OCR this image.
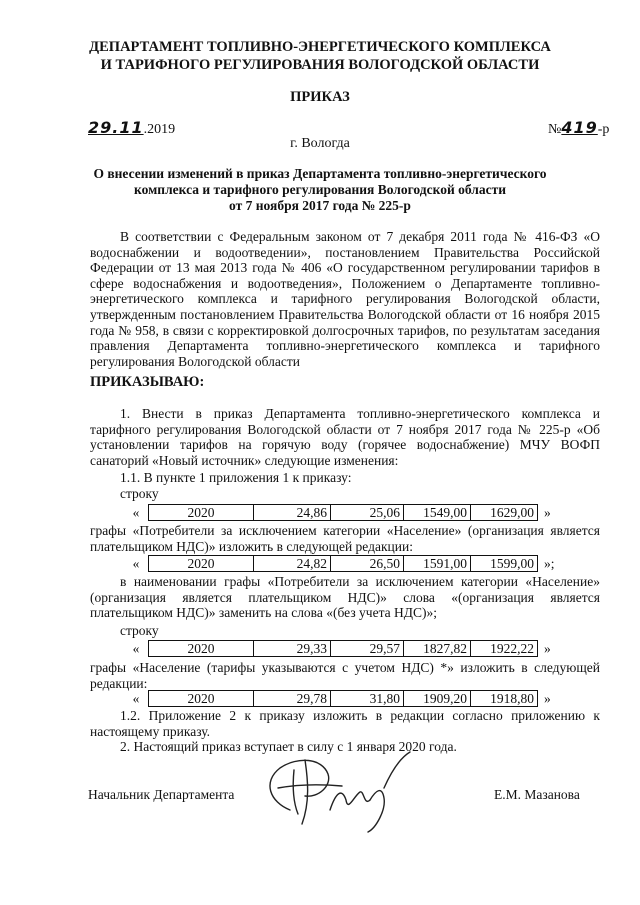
ДЕПАРТАМЕНТ ТОПЛИВНО-ЭНЕРГЕТИЧЕСКОГО КОМПЛЕКСА
И ТАРИФНОГО РЕГУЛИРОВАНИЯ ВОЛОГОДСКОЙ ОБЛАСТИ
ПРИКАЗ
29.11.2019	№419-р
г. Вологда
О внесении изменений в приказ Департамента топливно-энергетического
комплекса и тарифного регулирования Вологодской области
от 7 ноября 2017 года № 225-р
В соответствии с Федеральным законом от 7 декабря 2011 года № 416-ФЗ «О водоснабжении и водоотведении», постановлением Правительства Российской Федерации от 13 мая 2013 года № 406 «О государственном регулировании тарифов в сфере водоснабжения и водоотведения», Положением о Департаменте топливно-энергетического комплекса и тарифного регулирования Вологодской области, утвержденным постановлением Правительства Вологодской области от 16 ноября 2015 года № 958, в связи с корректировкой долгосрочных тарифов, по результатам заседания правления Департамента топливно-энергетического комплекса и тарифного регулирования Вологодской области
ПРИКАЗЫВАЮ:
1. Внести в приказ Департамента топливно-энергетического комплекса и тарифного регулирования Вологодской области от 7 ноября 2017 года № 225-р «Об установлении тарифов на горячую воду (горячее водоснабжение) МЧУ ВОФП санаторий «Новый источник» следующие изменения:
1.1. В пункте 1 приложения 1 к приказу:
строку
«	2020	24,86	25,06	1549,00	1629,00 »
графы «Потребители за исключением категории «Население» (организация является плательщиком НДС)» изложить в следующей редакции:
«	2020	24,82	26,50	1591,00	1599,00 »;
в наименовании графы «Потребители за исключением категории «Население» (организация является плательщиком НДС)» слова «(организация является плательщиком НДС)» заменить на слова «(без учета НДС)»;
строку
«	2020	29,33	29,57	1827,82	1922,22 »
графы «Население (тарифы указываются с учетом НДС) *» изложить в следующей редакции:
«	2020	29,78	31,80	1909,20	1918,80 »
1.2. Приложение 2 к приказу изложить в редакции согласно приложению к настоящему приказу.
2. Настоящий приказ вступает в силу с 1 января 2020 года.
Начальник Департамента	Е.М. Мазанова
